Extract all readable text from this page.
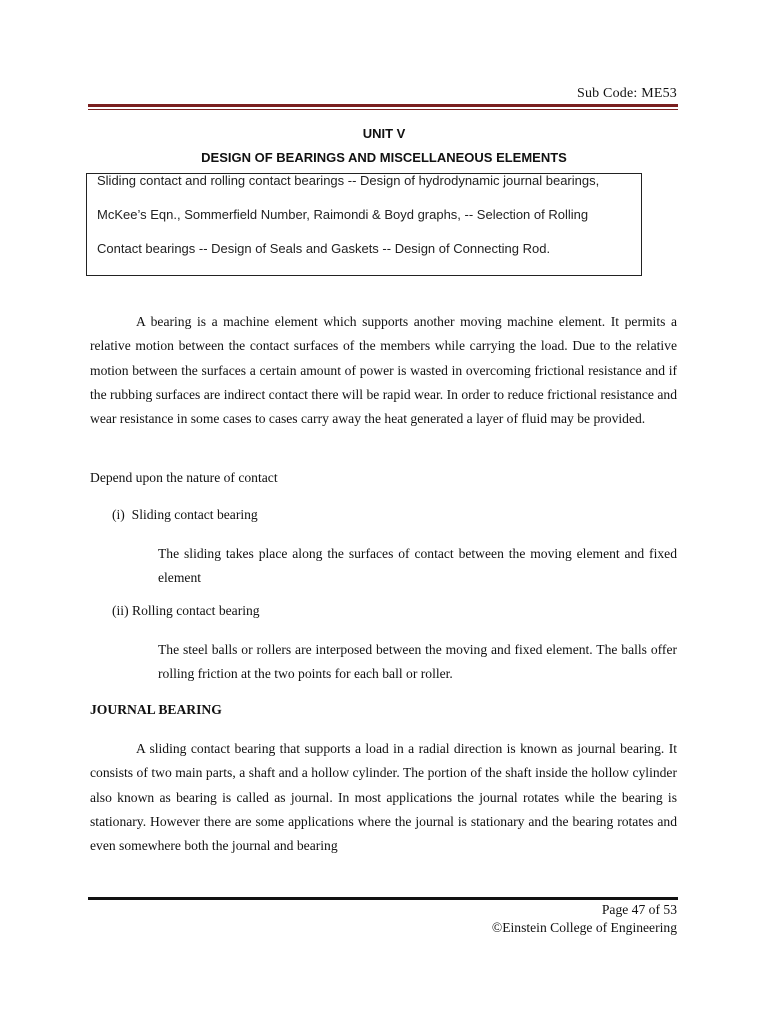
Sub Code: ME53
UNIT V
DESIGN OF BEARINGS AND MISCELLANEOUS ELEMENTS
Sliding contact and rolling contact bearings -- Design of hydrodynamic journal bearings,
McKee’s Eqn., Sommerfield Number, Raimondi & Boyd graphs, -- Selection of Rolling
Contact bearings -- Design of Seals and Gaskets -- Design of Connecting Rod.
A bearing is a machine element which supports another moving machine element. It permits a relative motion between the contact surfaces of the members while carrying the load. Due to the relative motion between the surfaces a certain amount of power is wasted in overcoming frictional resistance and if the rubbing surfaces are indirect contact there will be rapid wear. In order to reduce frictional resistance and wear resistance in some cases to cases carry away the heat generated a layer of fluid may be provided.
Depend upon the nature of contact
(i)  Sliding contact bearing
The sliding takes place along the surfaces of contact between the moving element and fixed element
(ii) Rolling contact bearing
The steel balls or rollers are interposed between the moving and fixed element. The balls offer rolling friction at the two points for each ball or roller.
JOURNAL BEARING
A sliding contact bearing that supports a load in a radial direction is known as journal bearing. It consists of two main parts, a shaft and a hollow cylinder. The portion of the shaft inside the hollow cylinder also known as bearing is called as journal. In most applications the journal rotates while the bearing is stationary. However there are some applications where the journal is stationary and the bearing rotates and even somewhere both the journal and bearing
Page 47 of 53
©Einstein College of Engineering
